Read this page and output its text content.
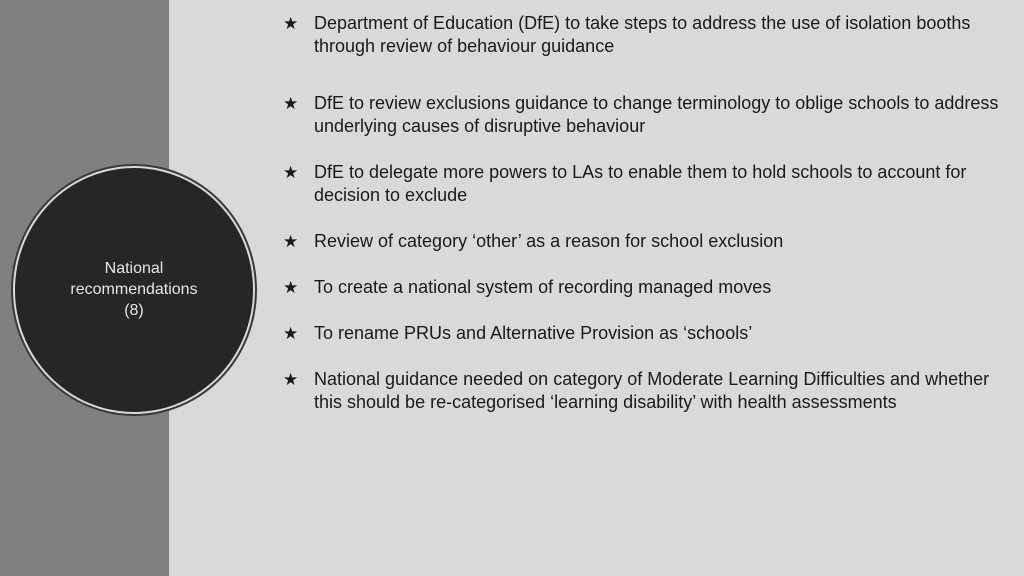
National
recommendations
(8)
★ Department of Education (DfE) to take steps to address the use of isolation booths through review of behaviour guidance
★ DfE to review exclusions guidance to change terminology to oblige schools to address underlying causes of disruptive behaviour
★ DfE to delegate more powers to LAs to enable them to hold schools to account for decision to exclude
★ Review of category ‘other’ as a reason for school exclusion
★ To create a national system of recording managed moves
★ To rename PRUs and Alternative Provision as ‘schools’
★ National guidance needed on category of Moderate Learning Difficulties and whether this should be re-categorised ‘learning disability’ with health assessments
